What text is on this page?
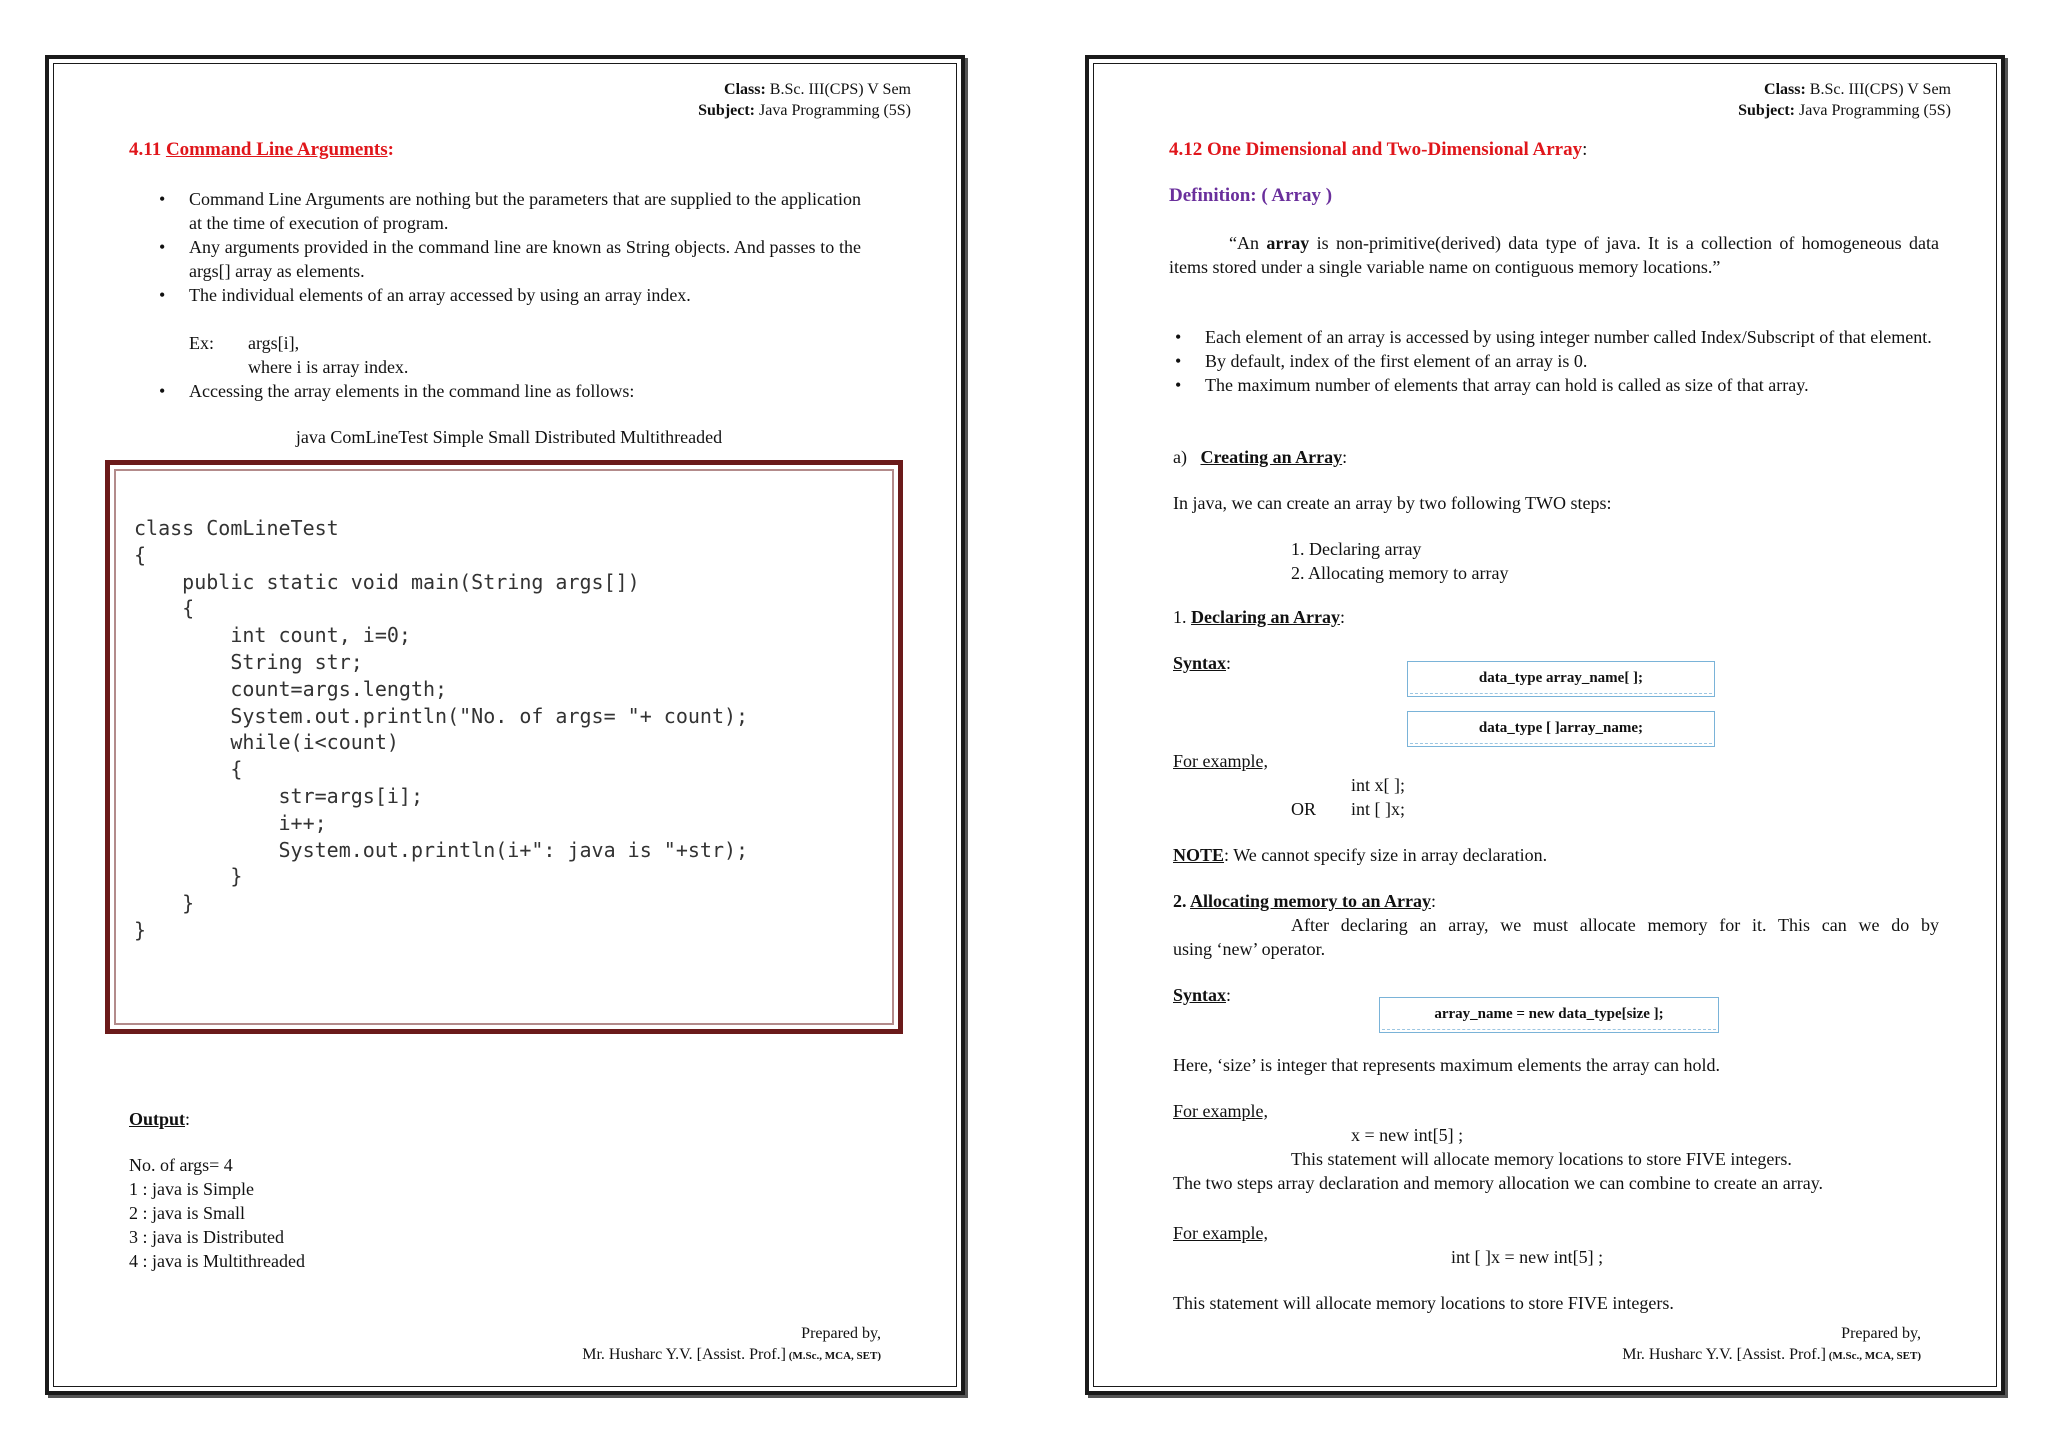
Class: B.Sc. III(CPS) V Sem
Subject: Java Programming (5S)
4.11 Command Line Arguments:
• Command Line Arguments are nothing but the parameters that are supplied to the application at the time of execution of program.
• Any arguments provided in the command line are known as String objects. And passes to the args[] array as elements.
• The individual elements of an array accessed by using an array index.
Ex: args[i],
where i is array index.
• Accessing the array elements in the command line as follows:
java ComLineTest Simple Small Distributed Multithreaded
class ComLineTest
{
public static void main(String args[])
{
int count, i=0;
String str;
count=args.length;
System.out.println("No. of args= "+ count);
while(i<count)
{
str=args[i];
i++;
System.out.println(i+": java is "+str);
}
}
}
Output:
No. of args= 4
1 : java is Simple
2 : java is Small
3 : java is Distributed
4 : java is Multithreaded
Prepared by,
Mr. Husharc Y.V. [Assist. Prof.] (M.Sc., MCA, SET)
Class: B.Sc. III(CPS) V Sem
Subject: Java Programming (5S)
4.12 One Dimensional and Two-Dimensional Array:
Definition: ( Array )
“An array is non-primitive(derived) data type of java. It is a collection of homogeneous data items stored under a single variable name on contiguous memory locations.”
• Each element of an array is accessed by using integer number called Index/Subscript of that element.
• By default, index of the first element of an array is 0.
• The maximum number of elements that array can hold is called as size of that array.
a) Creating an Array:
In java, we can create an array by two following TWO steps:
1. Declaring array
2. Allocating memory to array
1. Declaring an Array:
Syntax:
data_type array_name[ ];
data_type [ ]array_name;
For example,
int x[ ];
OR int [ ]x;
NOTE: We cannot specify size in array declaration.
2. Allocating memory to an Array:
After declaring an array, we must allocate memory for it. This can we do by
using ‘new’ operator.
Syntax:
array_name = new data_type[size ];
Here, ‘size’ is integer that represents maximum elements the array can hold.
For example,
x = new int[5] ;
This statement will allocate memory locations to store FIVE integers.
The two steps array declaration and memory allocation we can combine to create an array.
For example,
int [ ]x = new int[5] ;
This statement will allocate memory locations to store FIVE integers.
Prepared by,
Mr. Husharc Y.V. [Assist. Prof.] (M.Sc., MCA, SET)
